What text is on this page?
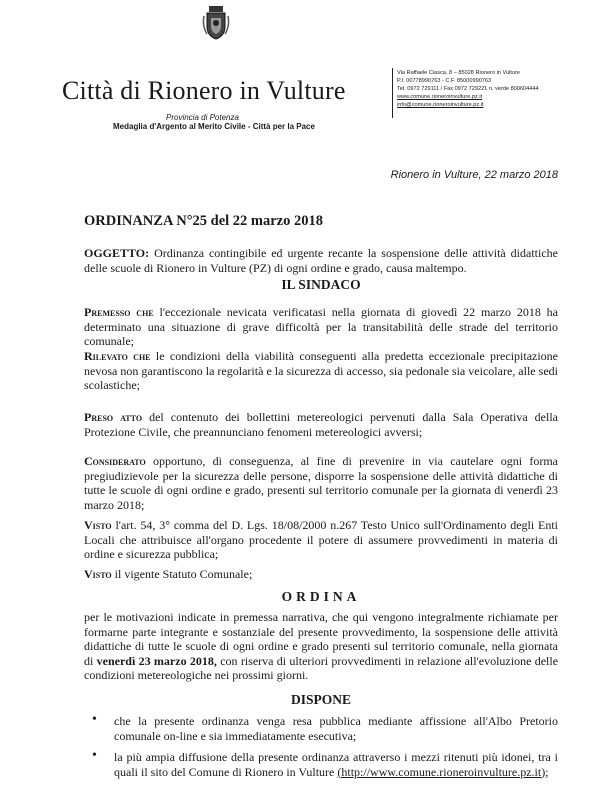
Città di Rionero in Vulture
Provincia di Potenza
Medaglia d'Argento al Merito Civile - Città per la Pace
Via Raffaele Ciasca, 8 – 85028 Rionero in Vulture
P.I. 00778990763 - C.F. 85000990763
Tel. 0972 729111 / Fax 0972 729221 n. verde 800604444
www.comune.rioneroinvulture.pz.it
info@comune.rioneroinvulture.pz.it
Rionero in Vulture, 22 marzo 2018
ORDINANZA N°25 del 22 marzo 2018
OGGETTO: Ordinanza contingibile ed urgente recante la sospensione delle attività didattiche delle scuole di Rionero in Vulture (PZ) di ogni ordine e grado, causa maltempo.
IL SINDACO
Premesso che l'eccezionale nevicata verificatasi nella giornata di giovedì 22 marzo 2018 ha determinato una situazione di grave difficoltà per la transitabilità delle strade del territorio comunale;
Rilevato che le condizioni della viabilità conseguenti alla predetta eccezionale precipitazione nevosa non garantiscono la regolarità e la sicurezza di accesso, sia pedonale sia veicolare, alle sedi scolastiche;
Preso atto del contenuto dei bollettini metereologici pervenuti dalla Sala Operativa della Protezione Civile, che preannunciano fenomeni metereologici avversi;
Considerato opportuno, di conseguenza, al fine di prevenire in via cautelare ogni forma pregiudizievole per la sicurezza delle persone, disporre la sospensione delle attività didattiche di tutte le scuole di ogni ordine e grado, presenti sul territorio comunale per la giornata di venerdì 23 marzo 2018;
Visto l'art. 54, 3° comma del D. Lgs. 18/08/2000 n.267 Testo Unico sull'Ordinamento degli Enti Locali che attribuisce all'organo procedente il potere di assumere provvedimenti in materia di ordine e sicurezza pubblica;
Visto il vigente Statuto Comunale;
ORDINA
per le motivazioni indicate in premessa narrativa, che qui vengono integralmente richiamate per formarne parte integrante e sostanziale del presente provvedimento, la sospensione delle attività didattiche di tutte le scuole di ogni ordine e grado presenti sul territorio comunale, nella giornata di venerdì 23 marzo 2018, con riserva di ulteriori provvedimenti in relazione all'evoluzione delle condizioni metereologiche nei prossimi giorni.
DISPONE
• che la presente ordinanza venga resa pubblica mediante affissione all'Albo Pretorio comunale on-line e sia immediatamente esecutiva;
• la più ampia diffusione della presente ordinanza attraverso i mezzi ritenuti più idonei, tra i quali il sito del Comune di Rionero in Vulture (http://www.comune.rioneroinvulture.pz.it);
